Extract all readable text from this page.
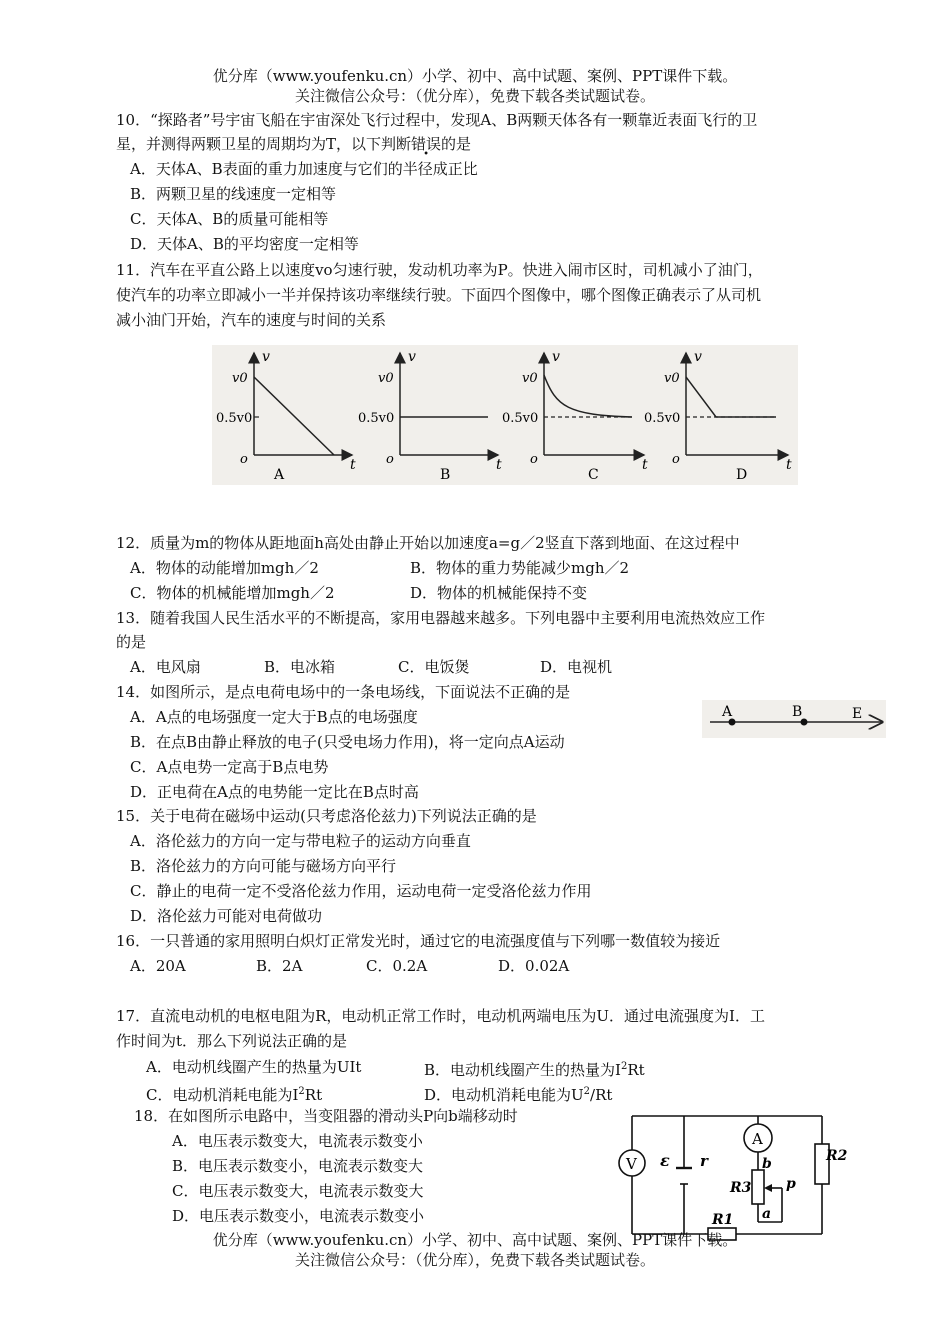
优分库（www.youfenku.cn）小学、初中、高中试题、案例、PPT课件下载。
关注微信公众号：（优分库），免费下载各类试题试卷。
10．“探路者”号宇宙飞船在宇宙深处飞行过程中，发现A、B两颗天体各有一颗靠近表面飞行的卫
星，并测得两颗卫星的周期均为T，以下判断错误的是
A．天体A、B表面的重力加速度与它们的半径成正比
B．两颗卫星的线速度一定相等
C．天体A、B的质量可能相等
D．天体A、B的平均密度一定相等
11．汽车在平直公路上以速度vo匀速行驶，发动机功率为P。快进入闹市区时，司机减小了油门，
使汽车的功率立即减小一半并保持该功率继续行驶。下面四个图像中，哪个图像正确表示了从司机
减小油门开始，汽车的速度与时间的关系
v
t
o
v0
0.5v0
A
v
t
o
v0
0.5v0
B
v
t
o
v0
0.5v0
C
v
t
o
v0
0.5v0
D
12．质量为m的物体从距地面h高处由静止开始以加速度a=g／2竖直下落到地面、在这过程中
A．物体的动能增加mgh／2	B．物体的重力势能减少mgh／2
C．物体的机械能增加mgh／2	D．物体的机械能保持不变
13．随着我国人民生活水平的不断提高，家用电器越来越多。下列电器中主要利用电流热效应工作
的是
A．电风扇	B．电冰箱	C．电饭煲	D．电视机
14．如图所示，是点电荷电场中的一条电场线，下面说法不正确的是
A．A点的电场强度一定大于B点的电场强度
B．在点B由静止释放的电子(只受电场力作用)，将一定向点A运动
C．A点电势一定高于B点电势
D．正电荷在A点的电势能一定比在B点时高
A	B	E
15．关于电荷在磁场中运动(只考虑洛伦兹力)下列说法正确的是
A．洛伦兹力的方向一定与带电粒子的运动方向垂直
B．洛伦兹力的方向可能与磁场方向平行
C．静止的电荷一定不受洛伦兹力作用，运动电荷一定受洛伦兹力作用
D．洛伦兹力可能对电荷做功
16．一只普通的家用照明白炽灯正常发光时，通过它的电流强度值与下列哪一数值较为接近
A．20A	B．2A	C．0.2A	D．0.02A
17．直流电动机的电枢电阻为R，电动机正常工作时，电动机两端电压为U．通过电流强度为I．工
作时间为t．那么下列说法正确的是
A．电动机线圈产生的热量为UIt	B．电动机线圈产生的热量为$I^2Rt$
C．电动机消耗电能为$I^2Rt$	D．电动机消耗电能为$U^2/Rt$
18．在如图所示电路中，当变阻器的滑动头P向b端移动时
A．电压表示数变大，电流表示数变小
B．电压表示数变小，电流表示数变大
C．电压表示数变大，电流表示数变大
D．电压表示数变小，电流表示数变小
V
A
ε r
R3
b
a
p
R2
R1
优分库（www.youfenku.cn）小学、初中、高中试题、案例、PPT课件下载。
关注微信公众号：（优分库），免费下载各类试题试卷。
